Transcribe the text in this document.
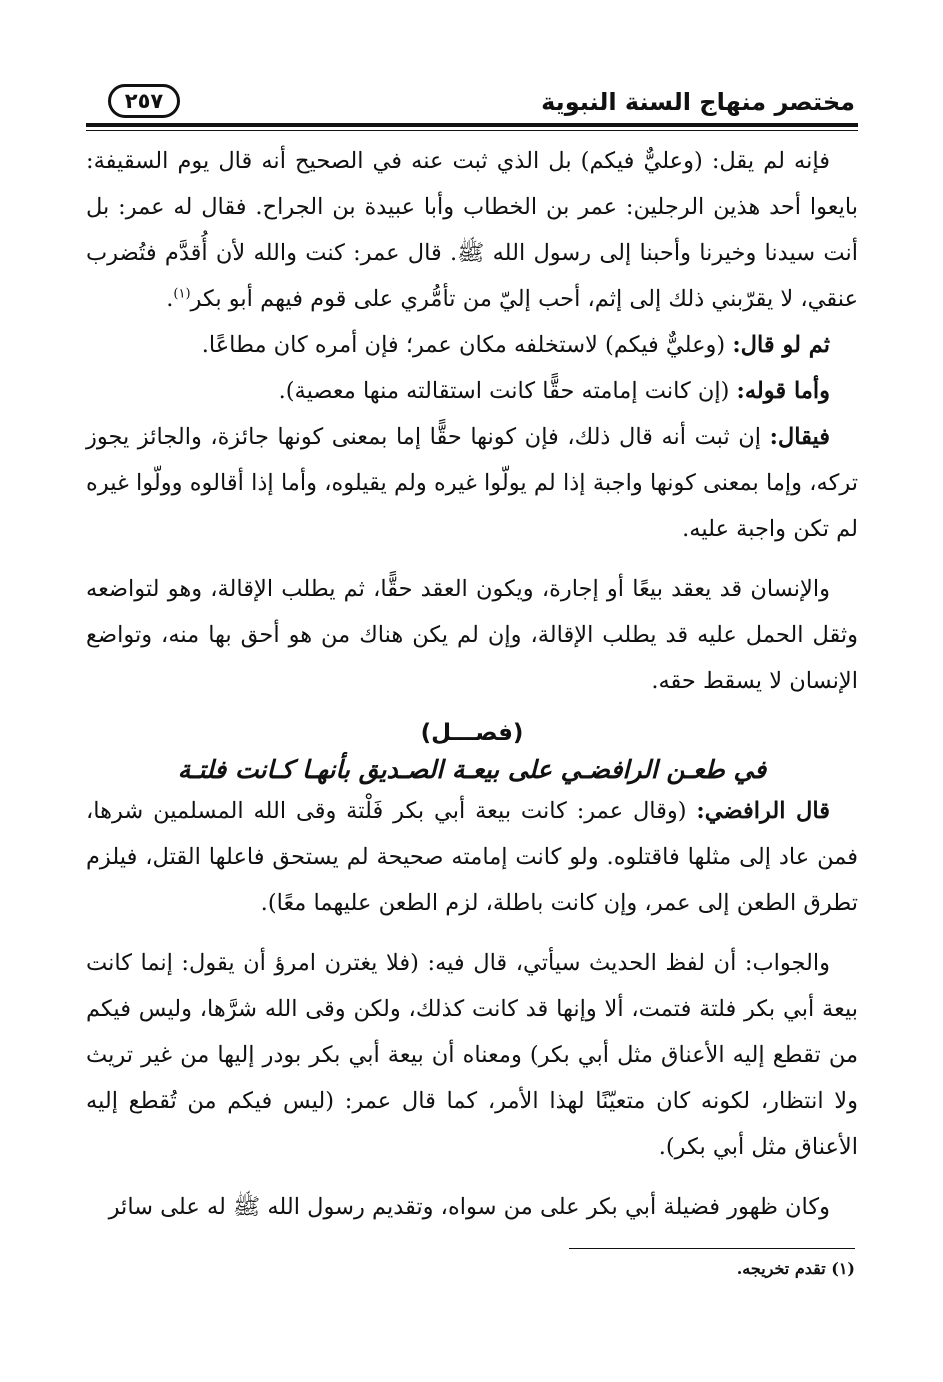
مختصر منهاج السنة النبوية
٢٥٧

فإنه لم يقل: (وعليٌّ فيكم) بل الذي ثبت عنه في الصحيح أنه قال يوم السقيفة: بايعوا أحد هذين الرجلين: عمر بن الخطاب وأبا عبيدة بن الجراح. فقال له عمر: بل أنت سيدنا وخيرنا وأحبنا إلى رسول الله ﷺ. قال عمر: كنت والله لأن أُقدَّم فتُضرب عنقي، لا يقرّبني ذلك إلى إثم، أحب إليّ من تأمُّري على قوم فيهم أبو بكر$^{(١)}$.

ثم لو قال: (وعليٌّ فيكم) لاستخلفه مكان عمر؛ فإن أمره كان مطاعًا.

وأما قوله: (إن كانت إمامته حقًّا كانت استقالته منها معصية).

فيقال: إن ثبت أنه قال ذلك، فإن كونها حقًّا إما بمعنى كونها جائزة، والجائز يجوز تركه، وإما بمعنى كونها واجبة إذا لم يولّوا غيره ولم يقيلوه، وأما إذا أقالوه وولّوا غيره لم تكن واجبة عليه.

والإنسان قد يعقد بيعًا أو إجارة، ويكون العقد حقًّا، ثم يطلب الإقالة، وهو لتواضعه وثقل الحمل عليه قد يطلب الإقالة، وإن لم يكن هناك من هو أحق بها منه، وتواضع الإنسان لا يسقط حقه.

(فصـــل)

في طعـن الرافضـي على بيعـة الصـديق بأنهـا كـانت فلتـة

قال الرافضي: (وقال عمر: كانت بيعة أبي بكر فَلْتة وقى الله المسلمين شرها، فمن عاد إلى مثلها فاقتلوه. ولو كانت إمامته صحيحة لم يستحق فاعلها القتل، فيلزم تطرق الطعن إلى عمر، وإن كانت باطلة، لزم الطعن عليهما معًا).

والجواب: أن لفظ الحديث سيأتي، قال فيه: (فلا يغترن امرؤ أن يقول: إنما كانت بيعة أبي بكر فلتة فتمت، ألا وإنها قد كانت كذلك، ولكن وقى الله شرَّها، وليس فيكم من تقطع إليه الأعناق مثل أبي بكر) ومعناه أن بيعة أبي بكر بودر إليها من غير تريث ولا انتظار، لكونه كان متعيّنًا لهذا الأمر، كما قال عمر: (ليس فيكم من تُقطع إليه الأعناق مثل أبي بكر).

وكان ظهور فضيلة أبي بكر على من سواه، وتقديم رسول الله ﷺ له على سائر

(١) تقدم تخريجه.
